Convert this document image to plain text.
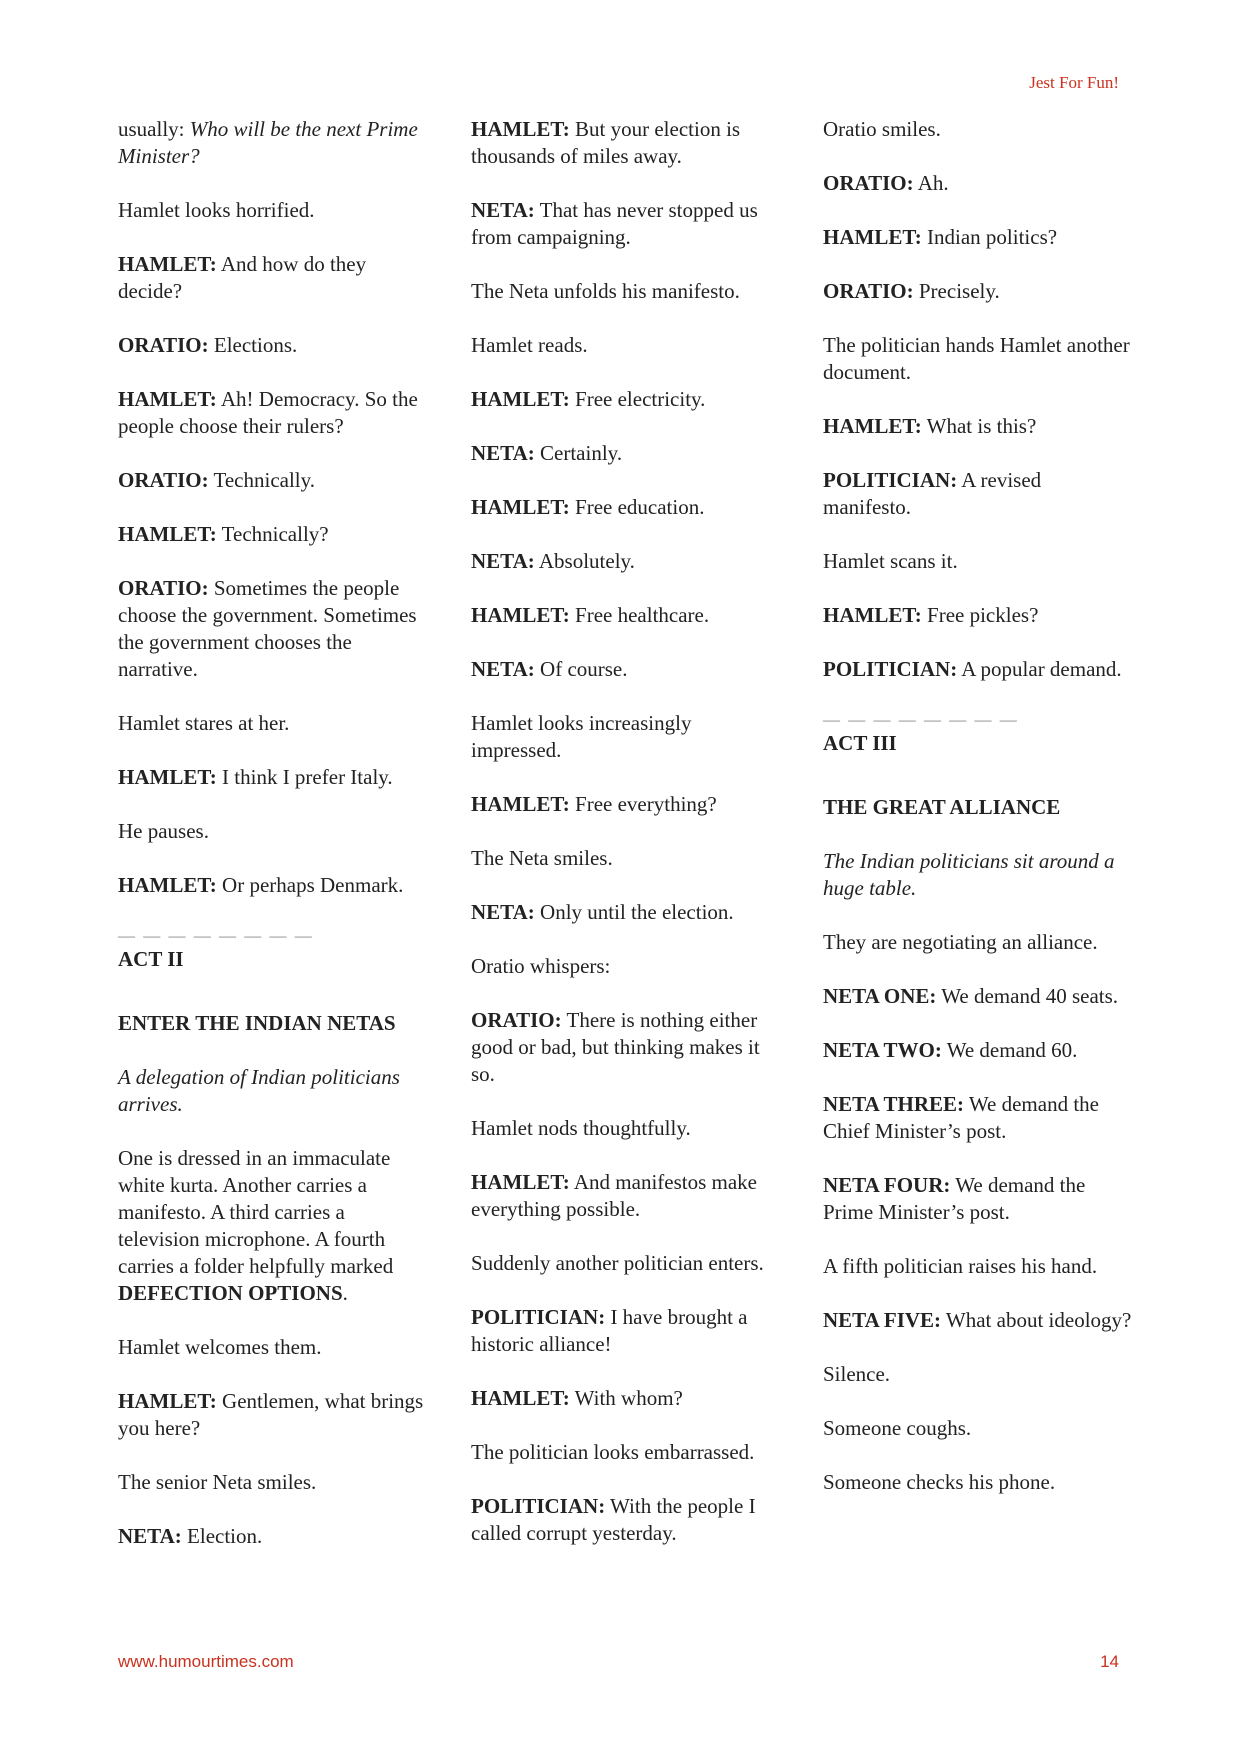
Jest For Fun!

usually: Who will be the next Prime Minister?

Hamlet looks horrified.

HAMLET: And how do they decide?

ORATIO: Elections.

HAMLET: Ah! Democracy. So the people choose their rulers?

ORATIO: Technically.

HAMLET: Technically?

ORATIO: Sometimes the people choose the government. Sometimes the government chooses the narrative.

Hamlet stares at her.

HAMLET: I think I prefer Italy.

He pauses.

HAMLET: Or perhaps Denmark.

— — — — — — — —

ACT II

ENTER THE INDIAN NETAS

A delegation of Indian politicians arrives.

One is dressed in an immaculate white kurta. Another carries a manifesto. A third carries a television microphone. A fourth carries a folder helpfully marked DEFECTION OPTIONS.

Hamlet welcomes them.

HAMLET: Gentlemen, what brings you here?

The senior Neta smiles.

NETA: Election.

HAMLET: But your election is thousands of miles away.

NETA: That has never stopped us from campaigning.

The Neta unfolds his manifesto.

Hamlet reads.

HAMLET: Free electricity.

NETA: Certainly.

HAMLET: Free education.

NETA: Absolutely.

HAMLET: Free healthcare.

NETA: Of course.

Hamlet looks increasingly impressed.

HAMLET: Free everything?

The Neta smiles.

NETA: Only until the election.

Oratio whispers:

ORATIO: There is nothing either good or bad, but thinking makes it so.

Hamlet nods thoughtfully.

HAMLET: And manifestos make everything possible.

Suddenly another politician enters.

POLITICIAN: I have brought a historic alliance!

HAMLET: With whom?

The politician looks embarrassed.

POLITICIAN: With the people I called corrupt yesterday.

Oratio smiles.

ORATIO: Ah.

HAMLET: Indian politics?

ORATIO: Precisely.

The politician hands Hamlet another document.

HAMLET: What is this?

POLITICIAN: A revised manifesto.

Hamlet scans it.

HAMLET: Free pickles?

POLITICIAN: A popular demand.

— — — — — — — —

ACT III

THE GREAT ALLIANCE

The Indian politicians sit around a huge table.

They are negotiating an alliance.

NETA ONE: We demand 40 seats.

NETA TWO: We demand 60.

NETA THREE: We demand the Chief Minister’s post.

NETA FOUR: We demand the Prime Minister’s post.

A fifth politician raises his hand.

NETA FIVE: What about ideology?

Silence.

Someone coughs.

Someone checks his phone.

www.humourtimes.com	14
